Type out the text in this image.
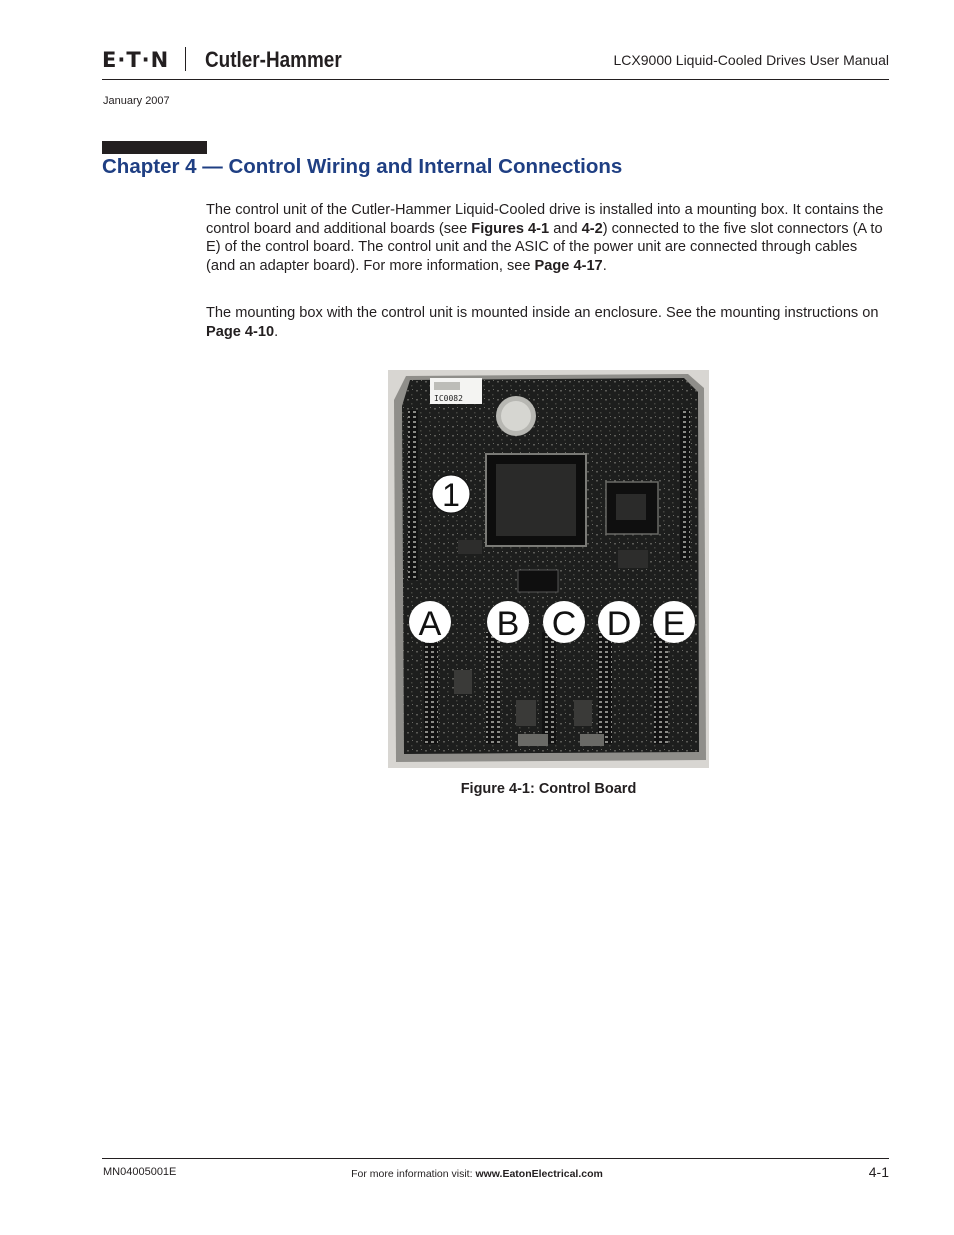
E·T·N Cutler-Hammer	LCX9000 Liquid-Cooled Drives User Manual
January 2007
Chapter 4 — Control Wiring and Internal Connections

The control unit of the Cutler-Hammer Liquid-Cooled drive is installed into a mounting box. It contains the control board and additional boards (see Figures 4-1 and 4-2) connected to the five slot connectors (A to E) of the control board. The control unit and the ASIC of the power unit are connected through cables (and an adapter board). For more information, see Page 4-17.

The mounting box with the control unit is mounted inside an enclosure. See the mounting instructions on Page 4-10.

IC0082
1
A B C D E
Figure 4-1: Control Board
MN04005001E	For more information visit: www.EatonElectrical.com	4-1
